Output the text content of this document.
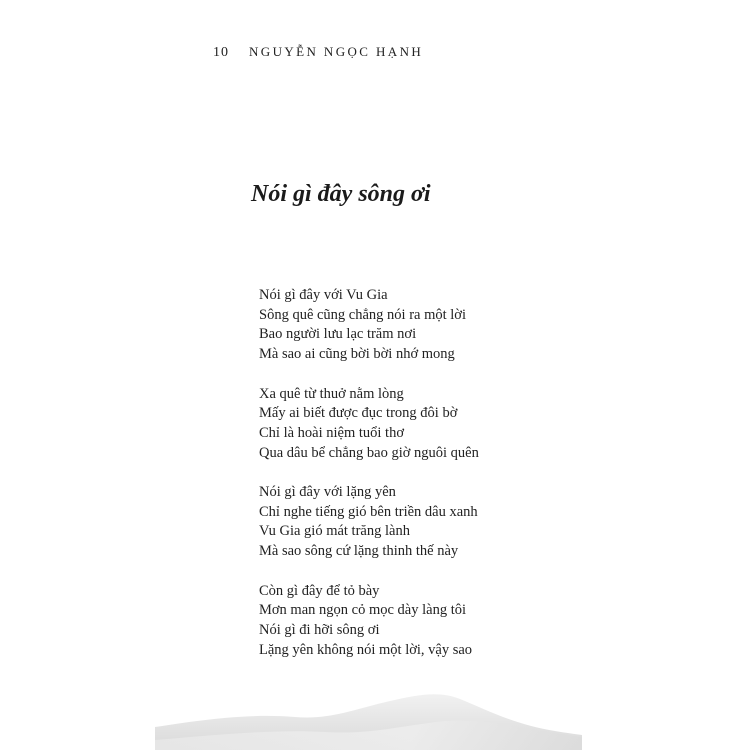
10 NGUYỄN NGỌC HẠNH
Nói gì đây sông ơi
Nói gì đây với Vu Gia
Sông quê cũng chẳng nói ra một lời
Bao người lưu lạc trăm nơi
Mà sao ai cũng bời bời nhớ mong
Xa quê từ thuở nằm lòng
Mấy ai biết được đục trong đôi bờ
Chỉ là hoài niệm tuổi thơ
Qua dâu bể chẳng bao giờ nguôi quên
Nói gì đây với lặng yên
Chỉ nghe tiếng gió bên triền dâu xanh
Vu Gia gió mát trăng lành
Mà sao sông cứ lặng thinh thế này
Còn gì đây để tỏ bày
Mơn man ngọn cỏ mọc dày làng tôi
Nói gì đi hỡi sông ơi
Lặng yên không nói một lời, vậy sao
